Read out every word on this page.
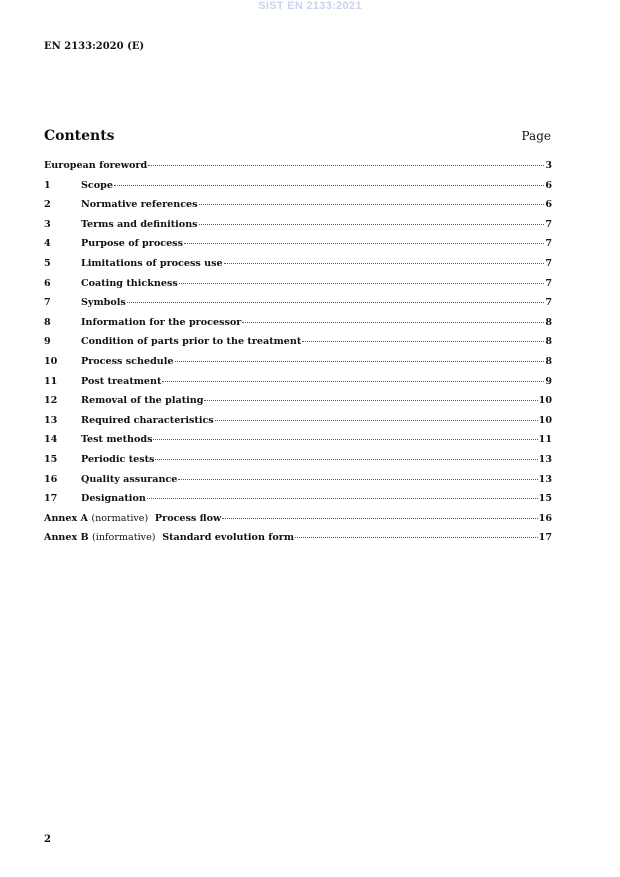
SIST EN 2133:2021
EN 2133:2020 (E)
Contents	Page
European foreword	3
1	Scope	6
2	Normative references	6
3	Terms and definitions	7
4	Purpose of process	7
5	Limitations of process use	7
6	Coating thickness	7
7	Symbols	7
8	Information for the processor	8
9	Condition of parts prior to the treatment	8
10	Process schedule	8
11	Post treatment	9
12	Removal of the plating	10
13	Required characteristics	10
14	Test methods	11
15	Periodic tests	13
16	Quality assurance	13
17	Designation	15
Annex A (normative) Process flow	16
Annex B (informative) Standard evolution form	17
2
